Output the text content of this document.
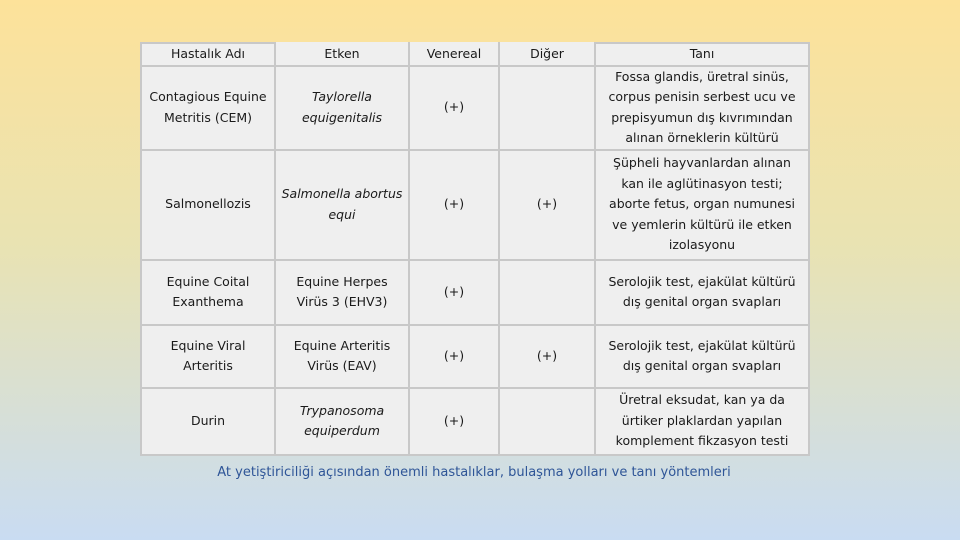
Hastalık Adı	Etken	Venereal	Diğer	Tanı
Contagious Equine Metritis (CEM)	Taylorella equigenitalis	(+)		Fossa glandis, üretral sinüs, corpus penisin serbest ucu ve prepisyumun dış kıvrımından alınan örneklerin kültürü
Salmonellozis	Salmonella abortus equi	(+)	(+)	Şüpheli hayvanlardan alınan kan ile aglütinasyon testi; aborte fetus, organ numunesi ve yemlerin kültürü ile etken izolasyonu
Equine Coital Exanthema	Equine Herpes Virüs 3 (EHV3)	(+)		Serolojik test, ejakülat kültürü dış genital organ svapları
Equine Viral Arteritis	Equine Arteritis Virüs (EAV)	(+)	(+)	Serolojik test, ejakülat kültürü dış genital organ svapları
Durin	Trypanosoma equiperdum	(+)		Üretral eksudat, kan ya da ürtiker plaklardan yapılan komplement fikzasyon testi
At yetiştiriciliği açısından önemli hastalıklar, bulaşma yolları ve tanı yöntemleri
